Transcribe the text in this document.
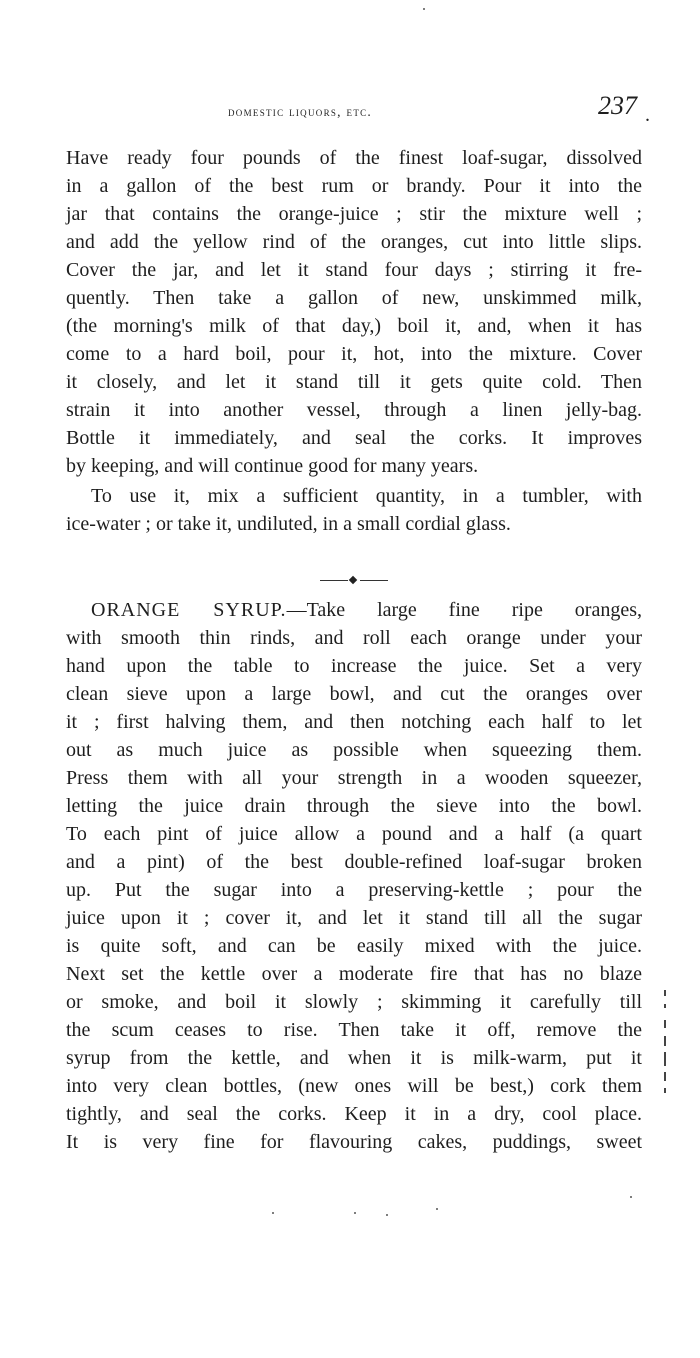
domestic liquors, etc.	237 .
Have ready four pounds of the finest loaf-sugar, dissolved
in a gallon of the best rum or brandy. Pour it into the
jar that contains the orange-juice ; stir the mixture well ;
and add the yellow rind of the oranges, cut into little slips.
Cover the jar, and let it stand four days ; stirring it fre-
quently. Then take a gallon of new, unskimmed milk,
(the morning's milk of that day,) boil it, and, when it has
come to a hard boil, pour it, hot, into the mixture. Cover
it closely, and let it stand till it gets quite cold. Then
strain it into another vessel, through a linen jelly-bag.
Bottle it immediately, and seal the corks. It improves
by keeping, and will continue good for many years.
To use it, mix a sufficient quantity, in a tumbler, with
ice-water ; or take it, undiluted, in a small cordial glass.
ORANGE SYRUP.—Take large fine ripe oranges,
with smooth thin rinds, and roll each orange under your
hand upon the table to increase the juice. Set a very
clean sieve upon a large bowl, and cut the oranges over
it ; first halving them, and then notching each half to let
out as much juice as possible when squeezing them.
Press them with all your strength in a wooden squeezer,
letting the juice drain through the sieve into the bowl.
To each pint of juice allow a pound and a half (a quart
and a pint) of the best double-refined loaf-sugar broken
up. Put the sugar into a preserving-kettle ; pour the
juice upon it ; cover it, and let it stand till all the sugar
is quite soft, and can be easily mixed with the juice.
Next set the kettle over a moderate fire that has no blaze
or smoke, and boil it slowly ; skimming it carefully till
the scum ceases to rise. Then take it off, remove the
syrup from the kettle, and when it is milk-warm, put it
into very clean bottles, (new ones will be best,) cork them
tightly, and seal the corks. Keep it in a dry, cool place.
It is very fine for flavouring cakes, puddings, sweet
